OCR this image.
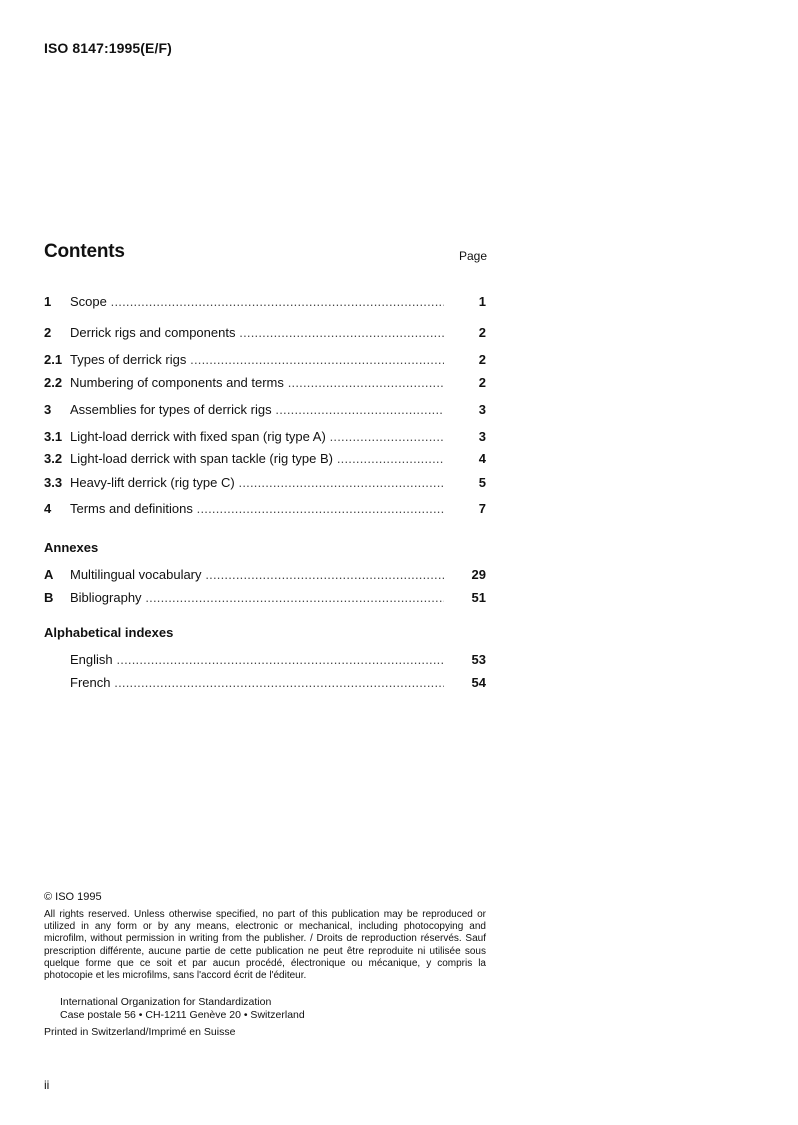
ISO 8147:1995(E/F)
Contents	Page
1	Scope .....	1
2	Derrick rigs and components .....	2
2.1 Types of derrick rigs .....	2
2.2 Numbering of components and terms .....	2
3	Assemblies for types of derrick rigs .....	3
3.1 Light-load derrick with fixed span (rig type A) .....	3
3.2 Light-load derrick with span tackle (rig type B) .....	4
3.3 Heavy-lift derrick (rig type C) .....	5
4	Terms and definitions .....	7
Annexes
A	Multilingual vocabulary .....	29
B	Bibliography .....	51
Alphabetical indexes
English .....	53
French .....	54
© ISO 1995
All rights reserved. Unless otherwise specified, no part of this publication may be reproduced or utilized in any form or by any means, electronic or mechanical, including photocopying and microfilm, without permission in writing from the publisher. / Droits de reproduction réservés. Sauf prescription différente, aucune partie de cette publication ne peut être reproduite ni utilisée sous quelque forme que ce soit et par aucun procédé, électronique ou mécanique, y compris la photocopie et les microfilms, sans l'accord écrit de l'éditeur.
International Organization for Standardization
Case postale 56 • CH-1211 Genève 20 • Switzerland
Printed in Switzerland/Imprimé en Suisse
ii
